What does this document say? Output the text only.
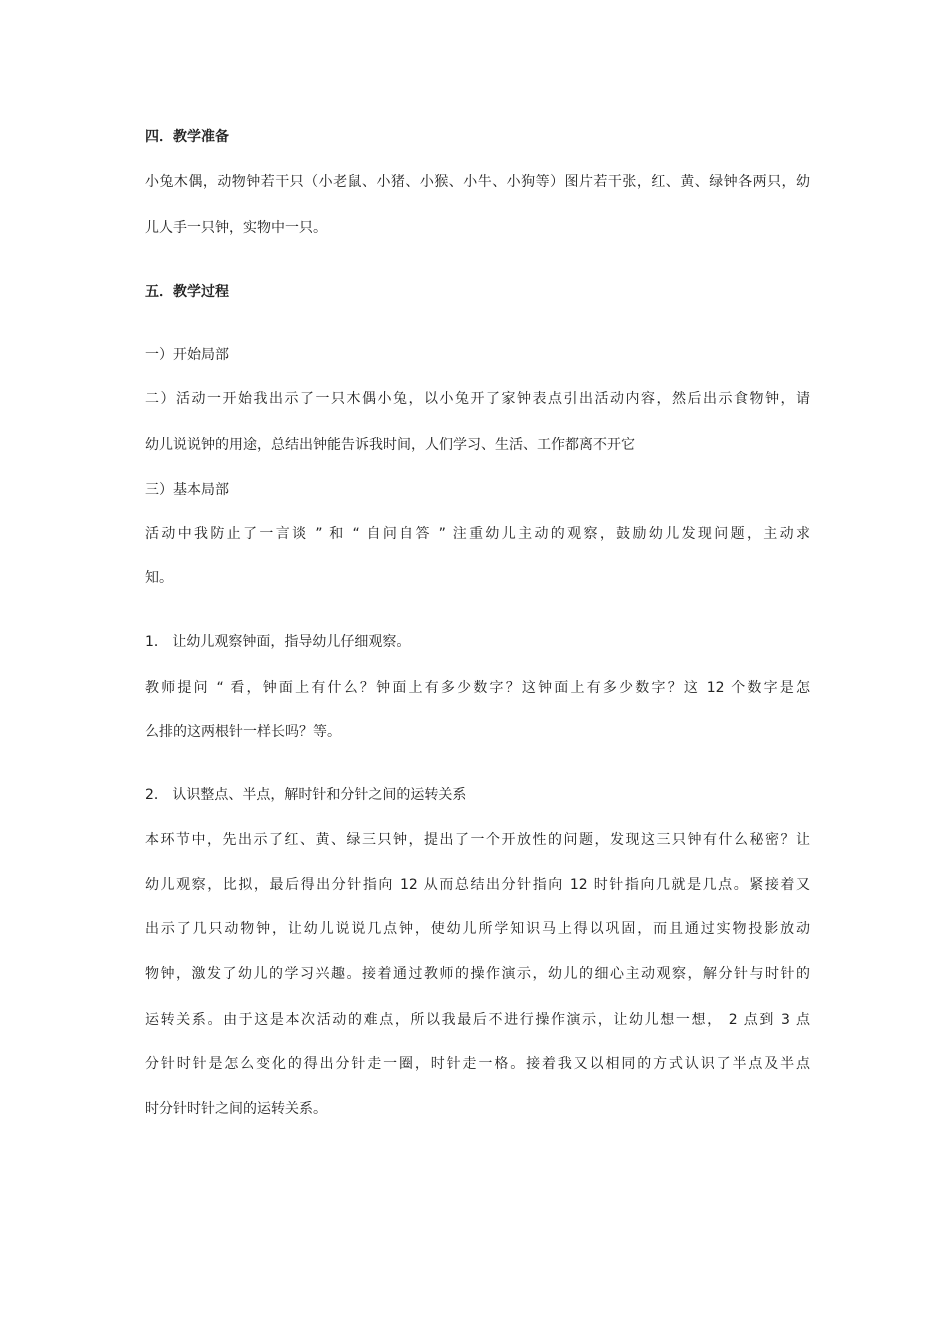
四．教学准备
小兔木偶，动物钟若干只（小老鼠、小猪、小猴、小牛、小狗等）图片若干张，红、黄、绿钟各两只，幼
儿人手一只钟，实物中一只。
五．教学过程
一）开始局部
二）活动一开始我出示了一只木偶小兔，以小兔开了家钟表点引出活动内容，然后出示食物钟，请
幼儿说说钟的用途，总结出钟能告诉我时间，人们学习、生活、工作都离不开它
三）基本局部
活动中我防止了一言谈 ” 和 “ 自问自答 ” 注重幼儿主动的观察，鼓励幼儿发现问题，主动求
知。
1． 让幼儿观察钟面，指导幼儿仔细观察。
教师提问 “ 看，钟面上有什么？钟面上有多少数字？这钟面上有多少数字？这 12 个数字是怎
么排的这两根针一样长吗？等。
2． 认识整点、半点，解时针和分针之间的运转关系
本环节中，先出示了红、黄、绿三只钟，提出了一个开放性的问题，发现这三只钟有什么秘密？让
幼儿观察，比拟，最后得出分针指向 12 从而总结出分针指向 12 时针指向几就是几点。紧接着又
出示了几只动物钟，让幼儿说说几点钟，使幼儿所学知识马上得以巩固，而且通过实物投影放动
物钟，激发了幼儿的学习兴趣。接着通过教师的操作演示，幼儿的细心主动观察，解分针与时针的
运转关系。由于这是本次活动的难点，所以我最后不进行操作演示，让幼儿想一想， 2 点到 3 点
分针时针是怎么变化的得出分针走一圈，时针走一格。接着我又以相同的方式认识了半点及半点
时分针时针之间的运转关系。
